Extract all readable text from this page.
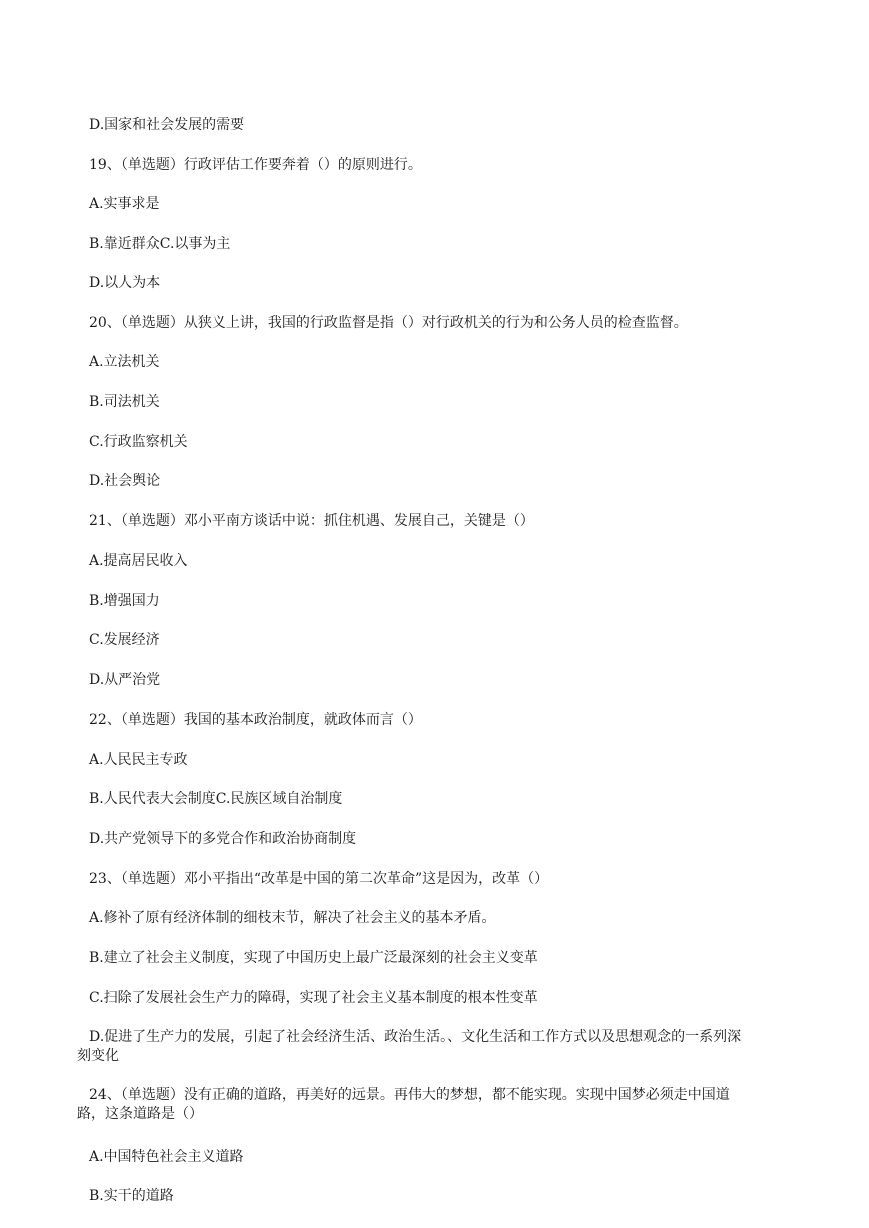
D.国家和社会发展的需要
19、（单选题）行政评估工作要奔着（）的原则进行。
A.实事求是
B.靠近群众C.以事为主
D.以人为本
20、（单选题）从狭义上讲，我国的行政监督是指（）对行政机关的行为和公务人员的检查监督。
A.立法机关
B.司法机关
C.行政监察机关
D.社会舆论
21、（单选题）邓小平南方谈话中说：抓住机遇、发展自己，关键是（）
A.提高居民收入
B.增强国力
C.发展经济
D.从严治党
22、（单选题）我国的基本政治制度，就政体而言（）
A.人民民主专政
B.人民代表大会制度C.民族区域自治制度
D.共产党领导下的多党合作和政治协商制度
23、（单选题）邓小平指出“改革是中国的第二次革命”这是因为，改革（）
A.修补了原有经济体制的细枝末节，解决了社会主义的基本矛盾。
B.建立了社会主义制度，实现了中国历史上最广泛最深刻的社会主义变革
C.扫除了发展社会生产力的障碍，实现了社会主义基本制度的根本性变革
D.促进了生产力的发展，引起了社会经济生活、政治生活。、文化生活和工作方式以及思想观念的一系列深
刻变化
24、（单选题）没有正确的道路，再美好的远景。再伟大的梦想，都不能实现。实现中国梦必须走中国道
路，这条道路是（）
A.中国特色社会主义道路
B.实干的道路
